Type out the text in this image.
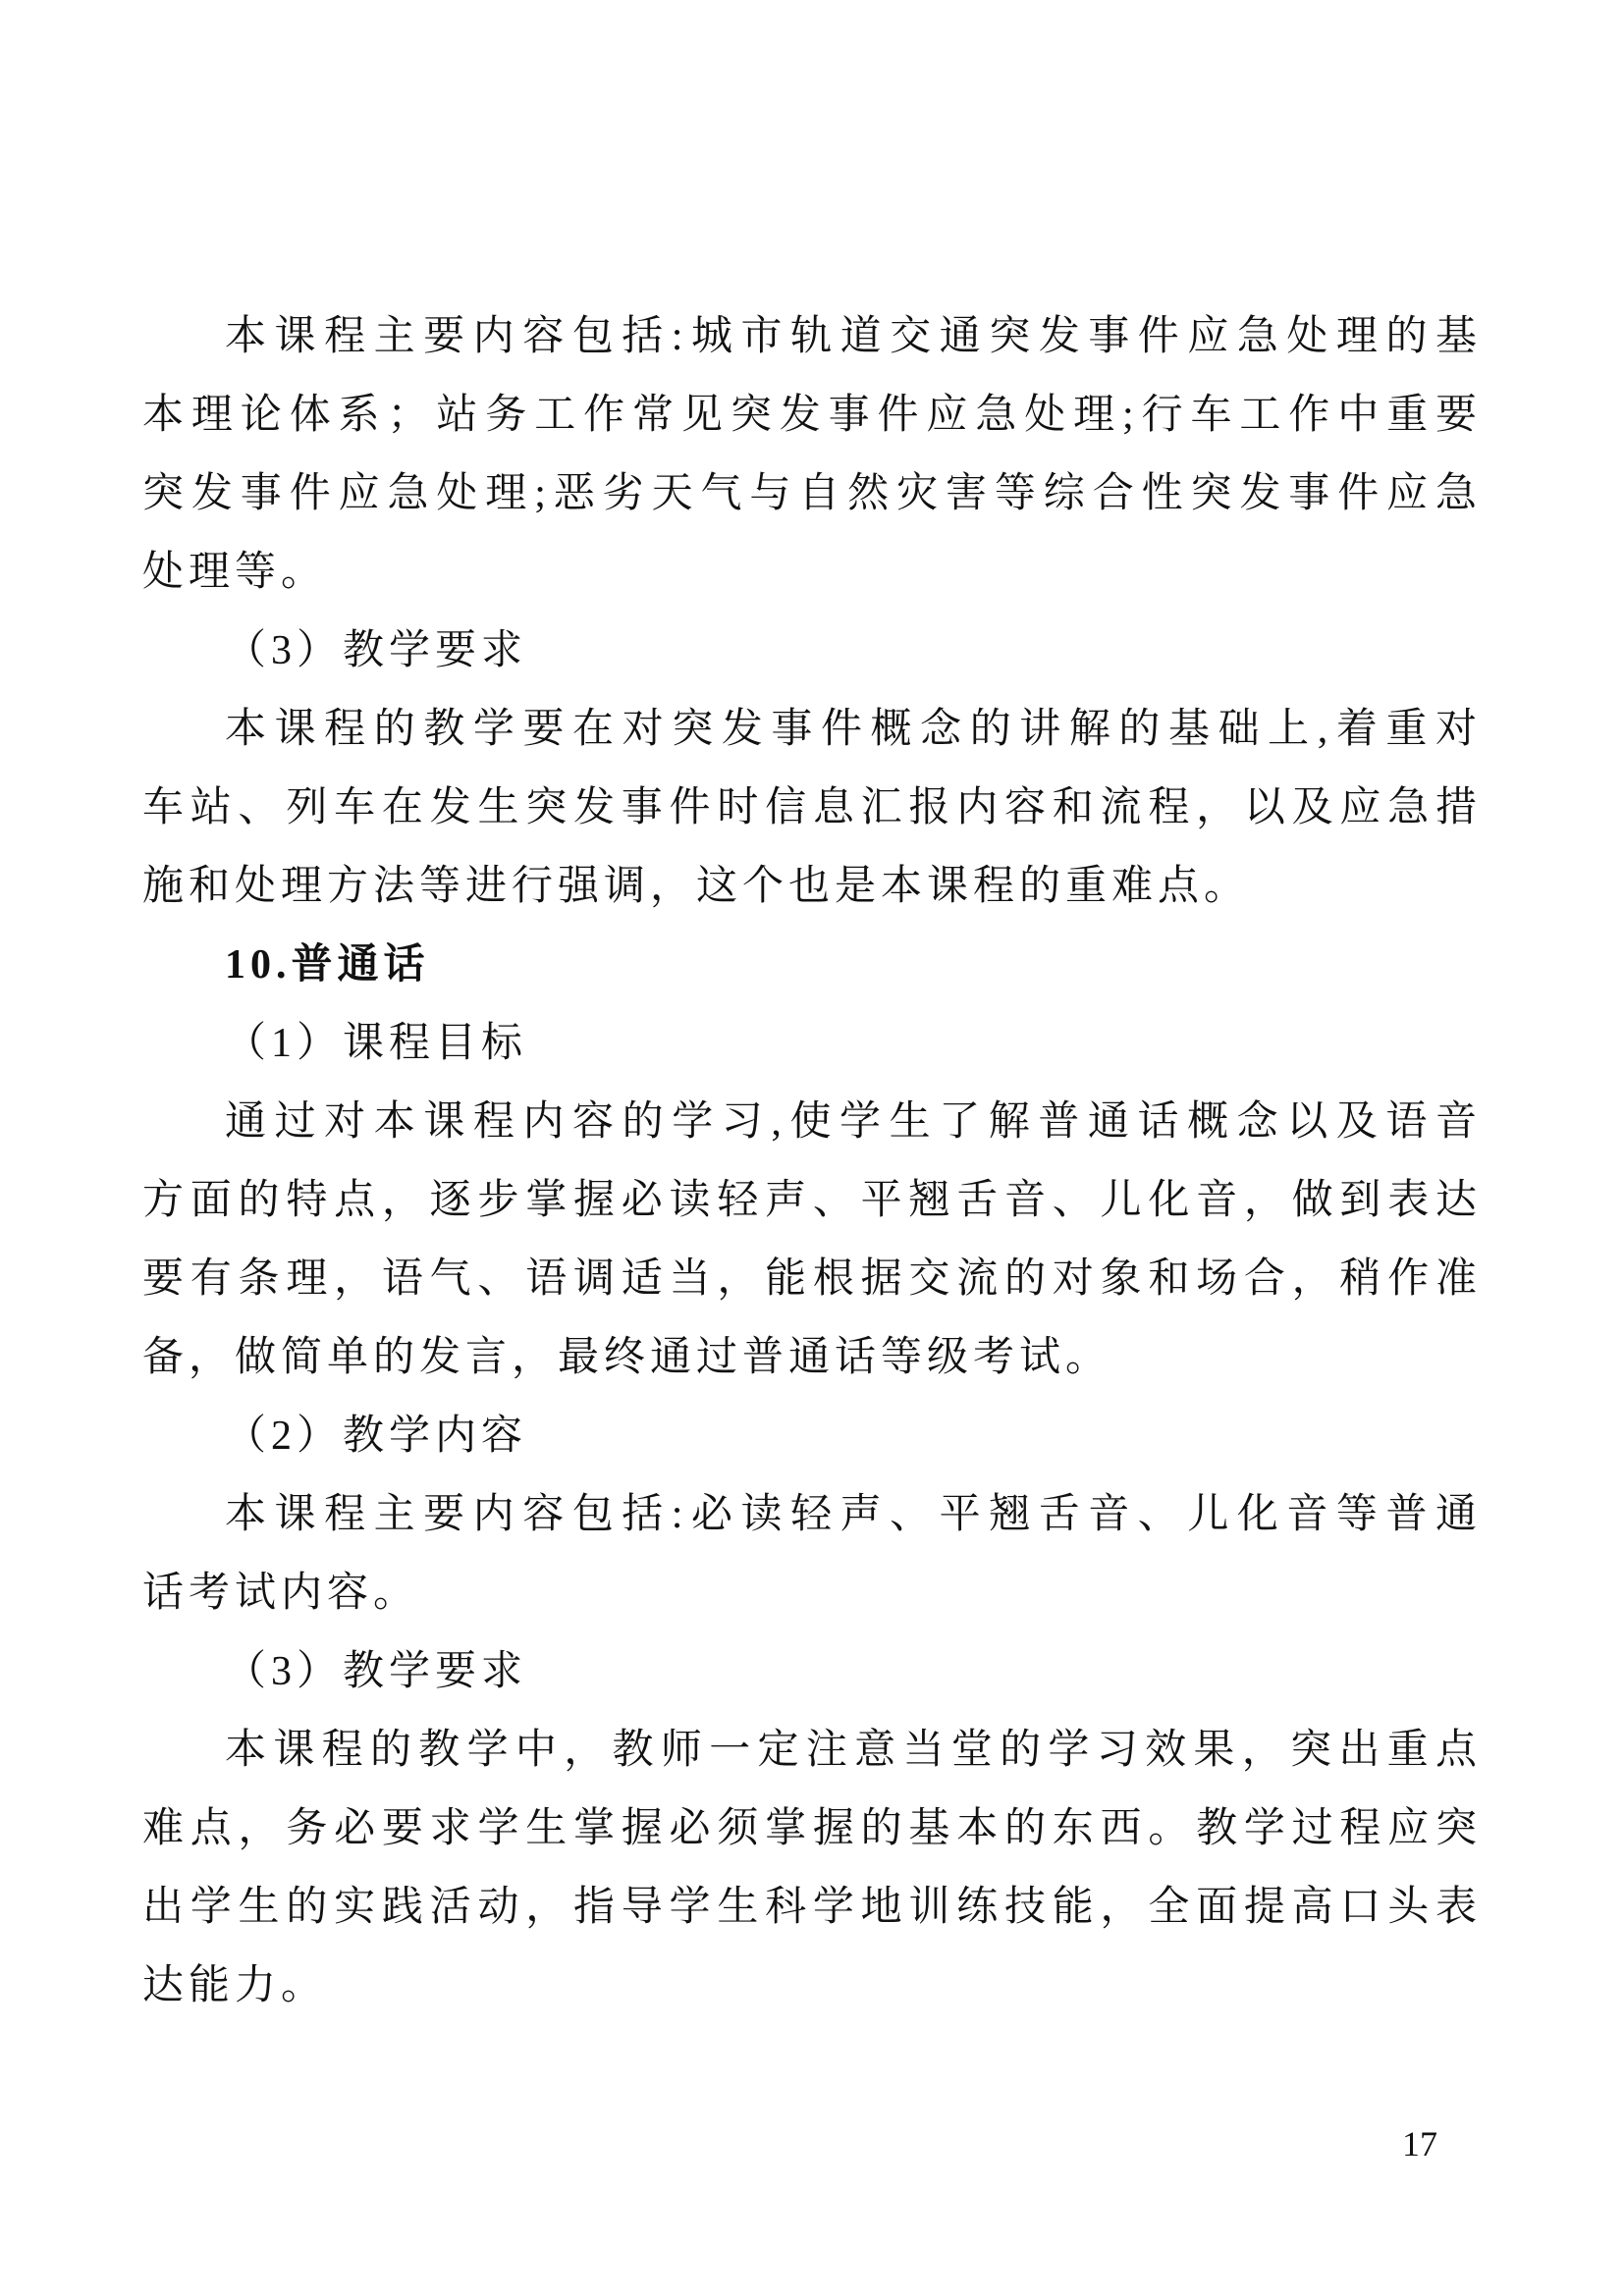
本课程主要内容包括:城市轨道交通突发事件应急处理的基
本理论体系；站务工作常见突发事件应急处理;行车工作中重要
突发事件应急处理;恶劣天气与自然灾害等综合性突发事件应急
处理等。
（3）教学要求
本课程的教学要在对突发事件概念的讲解的基础上,着重对
车站、列车在发生突发事件时信息汇报内容和流程，以及应急措
施和处理方法等进行强调，这个也是本课程的重难点。
10.普通话
（1）课程目标
通过对本课程内容的学习,使学生了解普通话概念以及语音
方面的特点，逐步掌握必读轻声、平翘舌音、儿化音，做到表达
要有条理，语气、语调适当，能根据交流的对象和场合，稍作准
备，做简单的发言，最终通过普通话等级考试。
（2）教学内容
本课程主要内容包括:必读轻声、平翘舌音、儿化音等普通
话考试内容。
（3）教学要求
本课程的教学中，教师一定注意当堂的学习效果，突出重点
难点，务必要求学生掌握必须掌握的基本的东西。教学过程应突
出学生的实践活动，指导学生科学地训练技能，全面提高口头表
达能力。
17
